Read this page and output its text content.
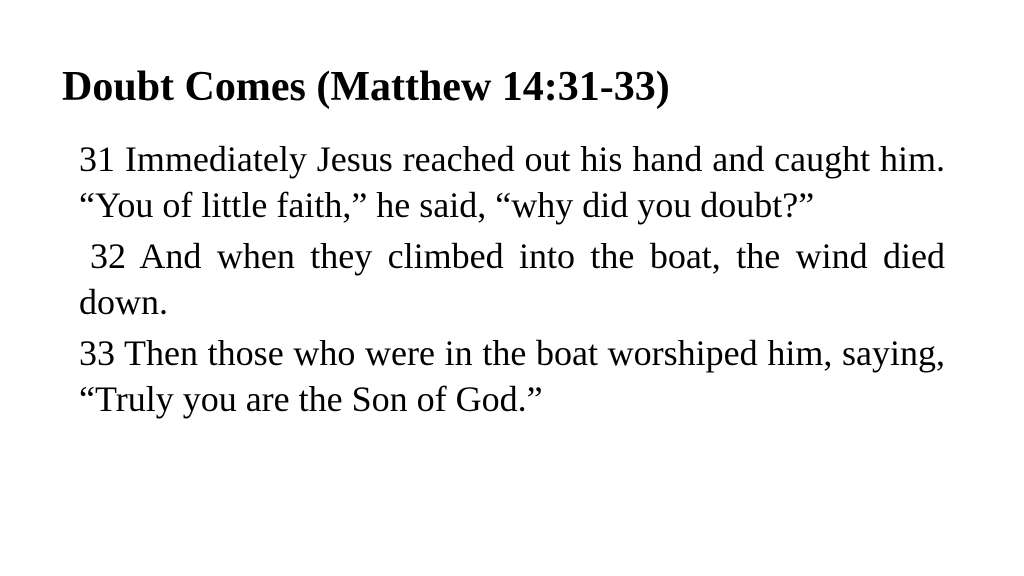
Doubt Comes (Matthew 14:31-33)

31 Immediately Jesus reached out his hand and caught him. “You of little faith,” he said, “why did you doubt?”

32 And when they climbed into the boat, the wind died down.

33 Then those who were in the boat worshiped him, saying, “Truly you are the Son of God.”
